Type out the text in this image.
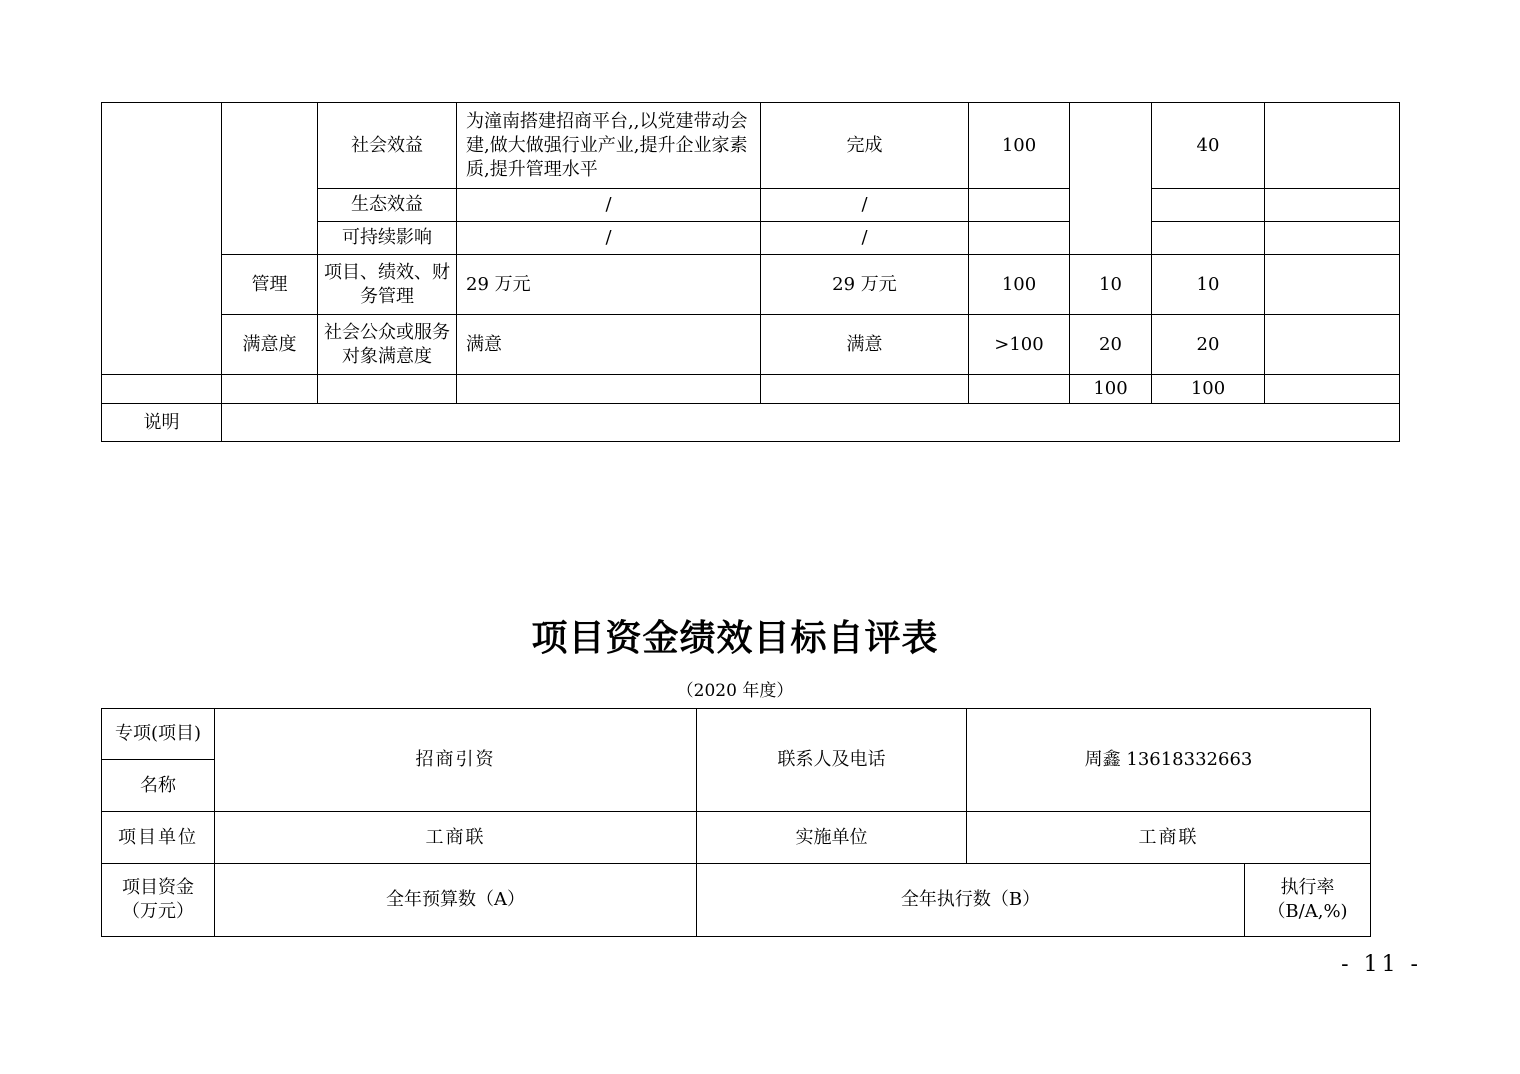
		社会效益	为潼南搭建招商平台,,以党建带动会建,做大做强行业产业,提升企业家素质,提升管理水平	完成	100		40	
		生态效益	/	/				
		可持续影响	/	/				
	管理	项目、绩效、财务管理	29 万元	29 万元	100	10	10	
	满意度	社会公众或服务对象满意度	满意	满意	>100	20	20	
						100	100	
说明								
项目资金绩效目标自评表
（2020 年度）
专项(项目)	招商引资	联系人及电话	周鑫 13618332663	
名称				
项目单位	工商联	实施单位	工商联	
项目资金（万元）	全年预算数（A）	全年执行数（B）		执行率（B/A,%)
- 11 -
